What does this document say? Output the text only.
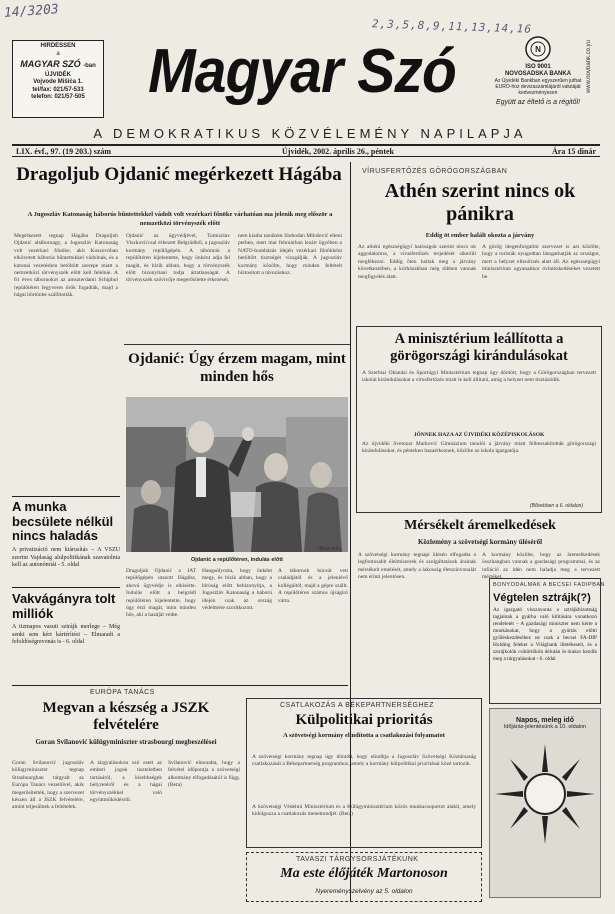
14/3203
2,3,5,8,9,11,13,14,16
HIRDESSEN
a
MAGYAR SZÓ -ban
ÚJVIDÉK
Vojvode Mišića 1.
tel/fax: 021/57-533
telefon: 021/57-505	Magyar Szó	N
ISO 9001
NOVOSADSKA BANKA
Az Újvidéki Bankban egyszerűen juthat EURO-hoz devizaszámlájáról valutáját kedvezményesen
Együtt az éltető is a régitől!
www.novbank.co.yu
A DEMOKRATIKUS KÖZVÉLEMÉNY NAPILAPJA
LIX. évf., 97. (19 203.) szám	Újvidék, 2002. április 26., péntek	Ára 15 dinár
Dragoljub Ojdanić megérkezett Hágába
A Jugoszláv Katonaság háborús bűntettekkel vádolt volt vezérkari főnöke várhatóan ma jelenik meg először a nemzetközi törvényszék előtt
Megérkezett tegnap Hágába Dragoljub Ojdanić altábornagy, a Jugoszláv Katonaság volt vezérkari főnöke, akit Koszovóban elkövetett háborús bűntettekkel vádolnak, és a katonai vezetésben betöltött szerepe miatt a nemzetközi törvényszék előtt kell felelnie. A 61 éves tábornokot az amszterdami Schiphol repülőtéren fegyveres őrök fogadták, majd a hágai börtönbe szállították.
Ojdanić az ügyvédjével, Tomiszlav Viszkovićcsal érkezett Belgrádból, a jugoszláv kormány repülőgépén. A tábornok a repülőtéren kijelentette, hogy önként adja fel magát, és bízik abban, hogy a törvényszék előtt bizonyítani tudja ártatlanságát. A törvényszék szóvivője megerősítette érkezését.
nem kiadta tanúként Slobodan Milošević elleni perben, mert mar februárban lezárt ügyében a NATO-bombázás idején vezérkari főnökként betöltött tisztségét vizsgálják. A jugoszláv kormány közölte, hogy minden feltételt biztosított a távozáshoz.
VÍRUSFERTŐZÉS GÖRÖGORSZÁGBAN
Athén szerint nincs ok pánikra
Eddig öt ember halált okozta a járvány
Az athéni egészségügyi hatóságok szerint nincs ok aggodalomra, a vírusfertőzés terjedését sikerült megfékezni. Eddig öten haltak meg a járvány következtében, a kórházakban még többen vannak megfigyelés alatt.
A görög idegenforgalmi szervezet is azt közölte, hogy a turisták nyugodtan látogathatják az országot, mert a helyzet ellenőrzés alatt áll. Az egészségügyi minisztérium ugyanakkor óvintézkedéseket vezetett be.
Ojdanić: Úgy érzem magam, mint minden hős
(Beta-foto)
Ojdanić a repülőtéren, indulás előtt
A minisztérium leállította a görögországi kirándulásokat
A Szerbiai Oktatási és Sportügyi Minisztérium tegnap úgy döntött, hogy a Görögországban tervezett iskolai kirándulásokat a vírusfertőzés miatt le kell állítani, amíg a helyzet nem tisztázódik.
JÖNNEK HAZA AZ ÚJVIDÉKI KÖZÉPISKOLÁSOK
Az újvidéki Svetozar Marković Gimnázium tanulói a járvány miatt félbeszakították görögországi kirándulásukat, és pénteken hazaérkeznek, közölte az iskola igazgatója.
(Bővebben a 6. oldalon)
Mérsékelt áremelkedések
Közlemény a szövetségi kormány üléséről
A szövetségi kormány tegnapi ülésén elfogadta a legfontosabb élelmiszerek és szolgáltatások árainak mérsékelt emelését, amely a lakosság életszínvonalát nem érinti jelentősen.
A kormány közölte, hogy az áremelkedések összhangban vannak a gazdasági programmal, és az infláció az idén nem haladja meg a tervezett mértéket.
A munka becsülete nélkül nincs haladás
A privatizáció nem kiárusítás – A VSZU szerint Vajdaság alulpolitikának szavatolnia kell az autonómiát - 5. oldal
Vakvágányra tolt milliók
A tizmapos vasuti sztrájk merlege – Még senki sem kért kártérítést – Elmaradt a feloldóségrevonás is - 6. oldal
Dragoljub Ojdanić a JAT repülőgépén utazott Hágába, ahová ügyvédje is elkísérte. Indulás előtt a belgrádi repülőtéren kijelentette, hogy úgy érzi magát, mint minden hős, aki a hazáját védte.
Hangsúlyozta, hogy önként megy, és bízik abban, hogy a bíróság előtt bebizonyítja, a Jugoszláv Katonaság a háború idején csak az ország védelmére szorítkozott.
A tábornok búcsút vett családjától és a jelenlévő kollégáitól, majd a gépre szállt. A repülőtéren számos újságíró várta.
EURÓPA TANÁCS
Megvan a készség a JSZK felvételére
Goran Svilanović külügyminiszter strasbourgi megbeszélései
Goran Svilanović jugoszláv külügyminiszter tegnap Strasbourgban tárgyalt az Európa Tanács vezetőivel, akik megerősítették, hogy a szervezet készen áll a JSZK felvételére, amint teljesülnek a feltételek.
A tárgyalásokon szó esett az emberi jogok tiszteletben tartásáról, a kisebbségek helyzetéről és a hágai törvényszékkel való együttműködésről.
Svilanović elmondta, hogy a felvétel időpontja a szövetségi alkotmány elfogadásától is függ. (Beta)
CSATLAKOZÁS A BÉKEPARTNERSÉGHEZ
Külpolitikai prioritás
A szövetségi kormány elindította a csatlakozási folyamatot
A szövetségi kormány tegnap úgy döntött, hogy elindítja a Jugoszláv Szövetségi Köztársaság csatlakozását a Békepartnerség programhoz, amely a kormány külpolitikai prioritásai közé tartozik.
A Szövetségi Védelmi Minisztérium és a Külügyminisztérium közös munkacsoportot alakít, amely kidolgozza a csatlakozás menetrendjét. (Beta)
BONYODALMAK A BECSEI FADIPBAN
Végtelen sztrájk(?)
Az igazgató visszavonta a sztrájkbizottság tagjainak a gyárba való kilitására vonatkozó rendeletét – A gazdasági miniszter nem kérte a munkásokat, hogy a gyártás előtti gyűléskezdéséhez ne csak a becsei FA-DIP Holding feleket a Világbank illetékeseit, és a sztrájkolók csütörtökön délután öt órakor kezdik meg a tárgyalásokat - 6. oldal
Napos, meleg idő
Időjárás-jelentésünk a 10. oldalon
TAVASZI TÁRGYSORSJÁTÉKUNK
Ma este élőjáték Martonoson
Nyereményszelvény az 5. oldalon
